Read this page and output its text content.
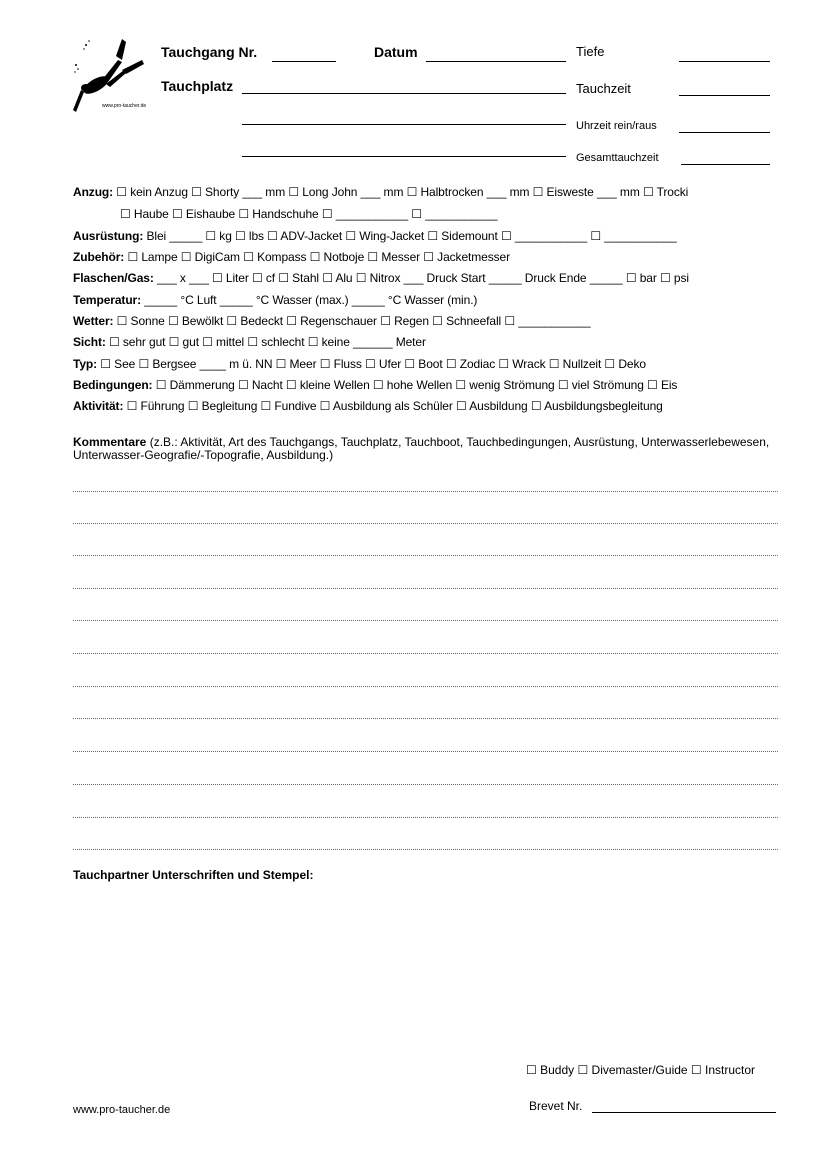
www.pro-taucher.de
Tauchgang Nr.	Datum	Tiefe
Tauchplatz	Tauchzeit
Uhrzeit rein/raus
Gesamttauchzeit
Anzug: ☐ kein Anzug ☐ Shorty ___ mm ☐ Long John ___ mm ☐ Halbtrocken ___ mm ☐ Eisweste ___ mm ☐ Trocki
☐ Haube ☐ Eishaube ☐ Handschuhe ☐ ___________ ☐ ___________
Ausrüstung: Blei _____ ☐ kg ☐ lbs ☐ ADV-Jacket ☐ Wing-Jacket ☐ Sidemount ☐ ___________ ☐ ___________
Zubehör: ☐ Lampe ☐ DigiCam ☐ Kompass ☐ Notboje ☐ Messer ☐ Jacketmesser
Flaschen/Gas: ___ x ___ ☐ Liter ☐ cf ☐ Stahl ☐ Alu ☐ Nitrox ___ Druck Start _____ Druck Ende _____ ☐ bar ☐ psi
Temperatur: _____ °C Luft _____ °C Wasser (max.) _____ °C Wasser (min.)
Wetter: ☐ Sonne ☐ Bewölkt ☐ Bedeckt ☐ Regenschauer ☐ Regen ☐ Schneefall ☐ ___________
Sicht: ☐ sehr gut ☐ gut ☐ mittel ☐ schlecht ☐ keine ______ Meter
Typ: ☐ See ☐ Bergsee ____ m ü. NN ☐ Meer ☐ Fluss ☐ Ufer ☐ Boot ☐ Zodiac ☐ Wrack ☐ Nullzeit ☐ Deko
Bedingungen: ☐ Dämmerung ☐ Nacht ☐ kleine Wellen ☐ hohe Wellen ☐ wenig Strömung ☐ viel Strömung ☐ Eis
Aktivität: ☐ Führung ☐ Begleitung ☐ Fundive ☐ Ausbildung als Schüler ☐ Ausbildung ☐ Ausbildungsbegleitung
Kommentare (z.B.: Aktivität, Art des Tauchgangs, Tauchplatz, Tauchboot, Tauchbedingungen, Ausrüstung, Unterwasserlebewesen, Unterwasser-Geografie/-Topografie, Ausbildung.)
Tauchpartner Unterschriften und Stempel:
☐ Buddy ☐ Divemaster/Guide ☐ Instructor
Brevet Nr.
www.pro-taucher.de
